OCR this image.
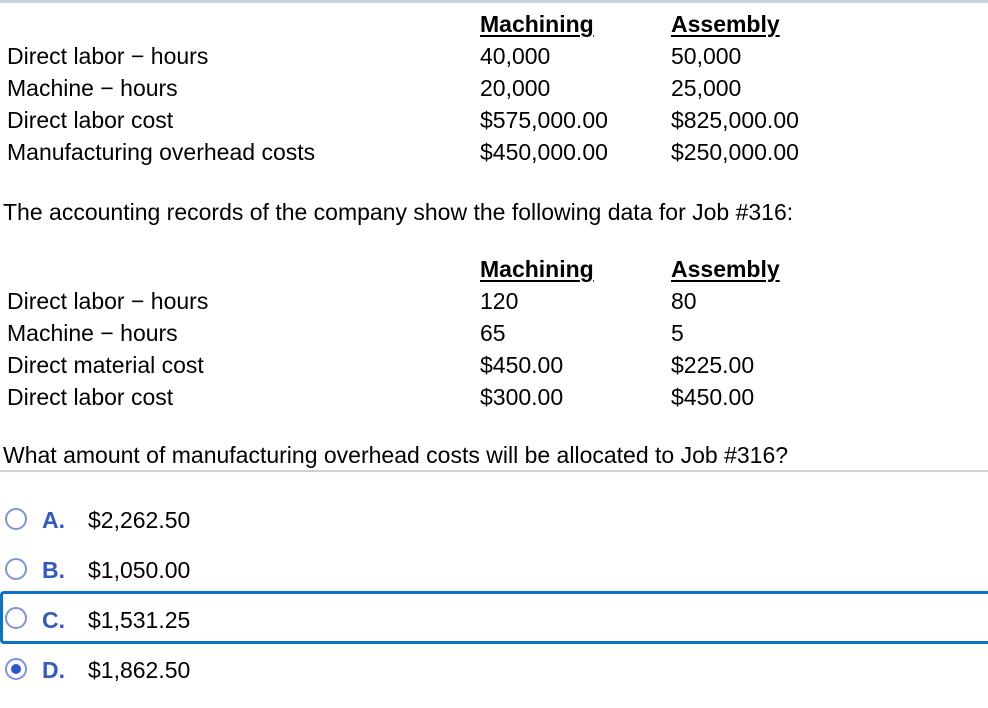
Machining	Assembly
Direct labor − hours	40,000	50,000
Machine − hours	20,000	25,000
Direct labor cost	$575,000.00	$825,000.00
Manufacturing overhead costs	$450,000.00	$250,000.00
The accounting records of the company show the following data for Job #316:
Machining	Assembly
Direct labor − hours	120	80
Machine − hours	65	5
Direct material cost	$450.00	$225.00
Direct labor cost	$300.00	$450.00
What amount of manufacturing overhead costs will be allocated to Job #316?
A. $2,262.50
B. $1,050.00
C. $1,531.25
D. $1,862.50
